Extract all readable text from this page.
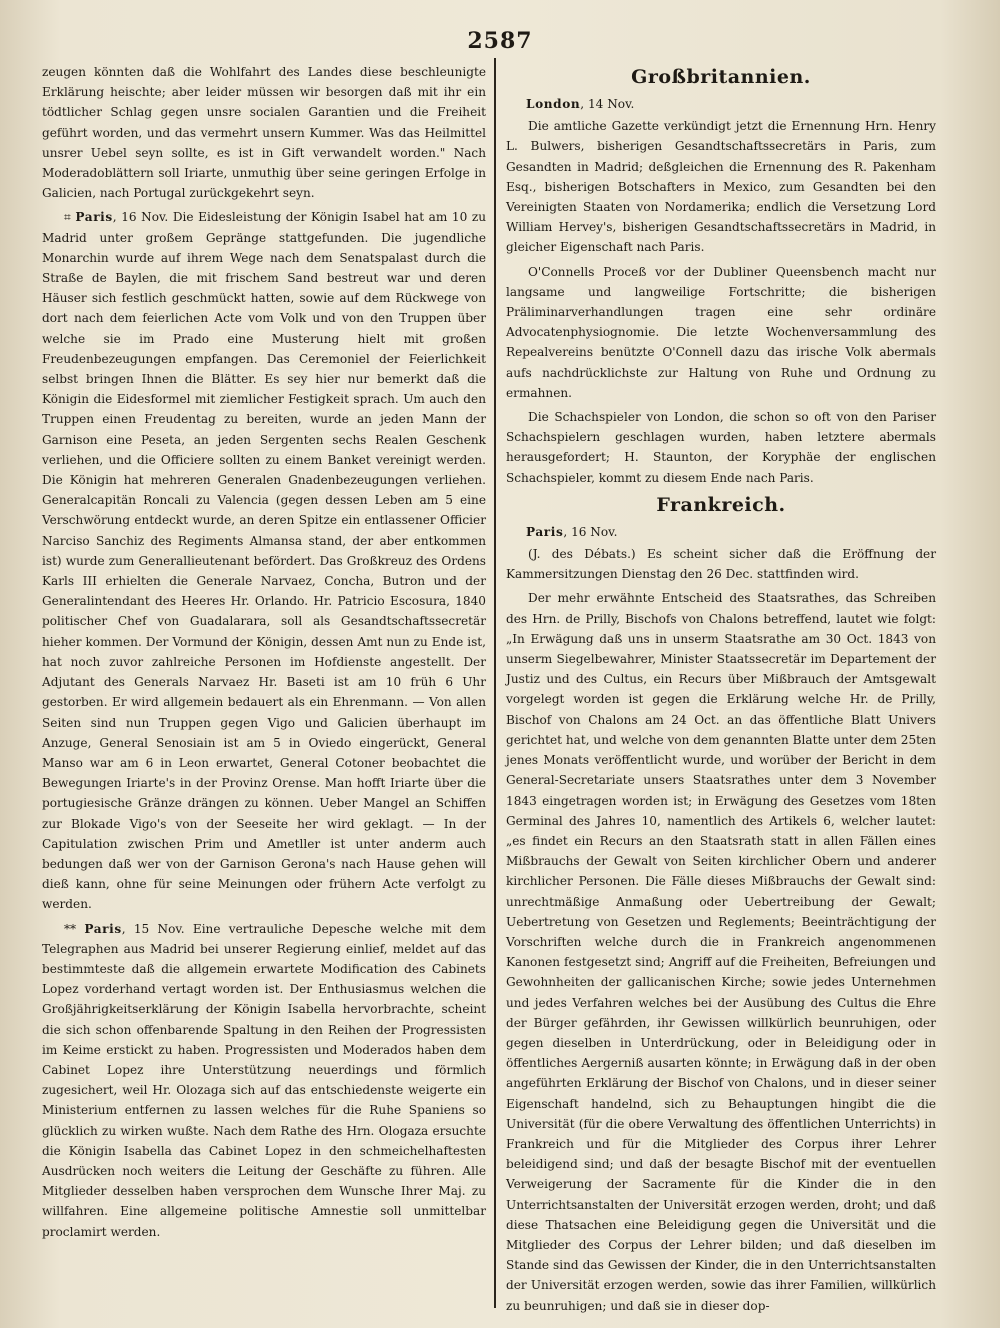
2587

zeugen könnten daß die Wohlfahrt des Landes diese beschleunigte Erklärung heischte; aber leider müssen wir besorgen daß mit ihr ein tödtlicher Schlag gegen unsre socialen Garantien und die Freiheit geführt worden, und das vermehrt unsern Kummer. Was das Heilmittel unsrer Uebel seyn sollte, es ist in Gift verwandelt worden." Nach Moderadoblättern soll Iriarte, unmuthig über seine geringen Erfolge in Galicien, nach Portugal zurückgekehrt seyn.

⌗ Paris, 16 Nov. Die Eidesleistung der Königin Isabel hat am 10 zu Madrid unter großem Gepränge stattgefunden. Die jugendliche Monarchin wurde auf ihrem Wege nach dem Senatspalast durch die Straße de Baylen, die mit frischem Sand bestreut war und deren Häuser sich festlich geschmückt hatten, sowie auf dem Rückwege von dort nach dem feierlichen Acte vom Volk und von den Truppen über welche sie im Prado eine Musterung hielt mit großen Freudenbezeugungen empfangen. Das Ceremoniel der Feierlichkeit selbst bringen Ihnen die Blätter. Es sey hier nur bemerkt daß die Königin die Eidesformel mit ziemlicher Festigkeit sprach. Um auch den Truppen einen Freudentag zu bereiten, wurde an jeden Mann der Garnison eine Peseta, an jeden Sergenten sechs Realen Geschenk verliehen, und die Officiere sollten zu einem Banket vereinigt werden. Die Königin hat mehreren Generalen Gnadenbezeugungen verliehen. Generalcapitän Roncali zu Valencia (gegen dessen Leben am 5 eine Verschwörung entdeckt wurde, an deren Spitze ein entlassener Officier Narciso Sanchiz des Regiments Almansa stand, der aber entkommen ist) wurde zum Generallieutenant befördert. Das Großkreuz des Ordens Karls III erhielten die Generale Narvaez, Concha, Butron und der Generalintendant des Heeres Hr. Orlando. Hr. Patricio Escosura, 1840 politischer Chef von Guadalarara, soll als Gesandtschaftssecretär hieher kommen. Der Vormund der Königin, dessen Amt nun zu Ende ist, hat noch zuvor zahlreiche Personen im Hofdienste angestellt. Der Adjutant des Generals Narvaez Hr. Baseti ist am 10 früh 6 Uhr gestorben. Er wird allgemein bedauert als ein Ehrenmann. — Von allen Seiten sind nun Truppen gegen Vigo und Galicien überhaupt im Anzuge, General Senosiain ist am 5 in Oviedo eingerückt, General Manso war am 6 in Leon erwartet, General Cotoner beobachtet die Bewegungen Iriarte's in der Provinz Orense. Man hofft Iriarte über die portugiesische Gränze drängen zu können. Ueber Mangel an Schiffen zur Blokade Vigo's von der Seeseite her wird geklagt. — In der Capitulation zwischen Prim und Ametller ist unter anderm auch bedungen daß wer von der Garnison Gerona's nach Hause gehen will dieß kann, ohne für seine Meinungen oder frühern Acte verfolgt zu werden.

** Paris, 15 Nov. Eine vertrauliche Depesche welche mit dem Telegraphen aus Madrid bei unserer Regierung einlief, meldet auf das bestimmteste daß die allgemein erwartete Modification des Cabinets Lopez vorderhand vertagt worden ist. Der Enthusiasmus welchen die Großjährigkeitserklärung der Königin Isabella hervorbrachte, scheint die sich schon offenbarende Spaltung in den Reihen der Progressisten im Keime erstickt zu haben. Progressisten und Moderados haben dem Cabinet Lopez ihre Unterstützung neuerdings und förmlich zugesichert, weil Hr. Olozaga sich auf das entschiedenste weigerte ein Ministerium entfernen zu lassen welches für die Ruhe Spaniens so glücklich zu wirken wußte. Nach dem Rathe des Hrn. Ologaza ersuchte die Königin Isabella das Cabinet Lopez in den schmeichelhaftesten Ausdrücken noch weiters die Leitung der Geschäfte zu führen. Alle Mitglieder desselben haben versprochen dem Wunsche Ihrer Maj. zu willfahren. Eine allgemeine politische Amnestie soll unmittelbar proclamirt werden.

Großbritannien.
London, 14 Nov.

Die amtliche Gazette verkündigt jetzt die Ernennung Hrn. Henry L. Bulwers, bisherigen Gesandtschaftssecretärs in Paris, zum Gesandten in Madrid; deßgleichen die Ernennung des R. Pakenham Esq., bisherigen Botschafters in Mexico, zum Gesandten bei den Vereinigten Staaten von Nordamerika; endlich die Versetzung Lord William Hervey's, bisherigen Gesandtschaftssecretärs in Madrid, in gleicher Eigenschaft nach Paris.

O'Connells Proceß vor der Dubliner Queensbench macht nur langsame und langweilige Fortschritte; die bisherigen Präliminarverhandlungen tragen eine sehr ordinäre Advocatenphysiognomie. Die letzte Wochenversammlung des Repealvereins benützte O'Connell dazu das irische Volk abermals aufs nachdrücklichste zur Haltung von Ruhe und Ordnung zu ermahnen.

Die Schachspieler von London, die schon so oft von den Pariser Schachspielern geschlagen wurden, haben letztere abermals herausgefordert; H. Staunton, der Koryphäe der englischen Schachspieler, kommt zu diesem Ende nach Paris.

Frankreich.
Paris, 16 Nov.

(J. des Débats.) Es scheint sicher daß die Eröffnung der Kammersitzungen Dienstag den 26 Dec. stattfinden wird.

Der mehr erwähnte Entscheid des Staatsrathes, das Schreiben des Hrn. de Prilly, Bischofs von Chalons betreffend, lautet wie folgt: „In Erwägung daß uns in unserm Staatsrathe am 30 Oct. 1843 von unserm Siegelbewahrer, Minister Staatssecretär im Departement der Justiz und des Cultus, ein Recurs über Mißbrauch der Amtsgewalt vorgelegt worden ist gegen die Erklärung welche Hr. de Prilly, Bischof von Chalons am 24 Oct. an das öffentliche Blatt Univers gerichtet hat, und welche von dem genannten Blatte unter dem 25ten jenes Monats veröffentlicht wurde, und worüber der Bericht in dem General-Secretariate unsers Staatsrathes unter dem 3 November 1843 eingetragen worden ist; in Erwägung des Gesetzes vom 18ten Germinal des Jahres 10, namentlich des Artikels 6, welcher lautet: „es findet ein Recurs an den Staatsrath statt in allen Fällen eines Mißbrauchs der Gewalt von Seiten kirchlicher Obern und anderer kirchlicher Personen. Die Fälle dieses Mißbrauchs der Gewalt sind: unrechtmäßige Anmaßung oder Uebertreibung der Gewalt; Uebertretung von Gesetzen und Reglements; Beeinträchtigung der Vorschriften welche durch die in Frankreich angenommenen Kanonen festgesetzt sind; Angriff auf die Freiheiten, Befreiungen und Gewohnheiten der gallicanischen Kirche; sowie jedes Unternehmen und jedes Verfahren welches bei der Ausübung des Cultus die Ehre der Bürger gefährden, ihr Gewissen willkürlich beunruhigen, oder gegen dieselben in Unterdrückung, oder in Beleidigung oder in öffentliches Aergerniß ausarten könnte; in Erwägung daß in der oben angeführten Erklärung der Bischof von Chalons, und in dieser seiner Eigenschaft handelnd, sich zu Behauptungen hingibt die die Universität (für die obere Verwaltung des öffentlichen Unterrichts) in Frankreich und für die Mitglieder des Corpus ihrer Lehrer beleidigend sind; und daß der besagte Bischof mit der eventuellen Verweigerung der Sacramente für die Kinder die in den Unterrichtsanstalten der Universität erzogen werden, droht; und daß diese Thatsachen eine Beleidigung gegen die Universität und die Mitglieder des Corpus der Lehrer bilden; und daß dieselben im Stande sind das Gewissen der Kinder, die in den Unterrichtsanstalten der Universität erzogen werden, sowie das ihrer Familien, willkürlich zu beunruhigen; und daß sie in dieser dop-
